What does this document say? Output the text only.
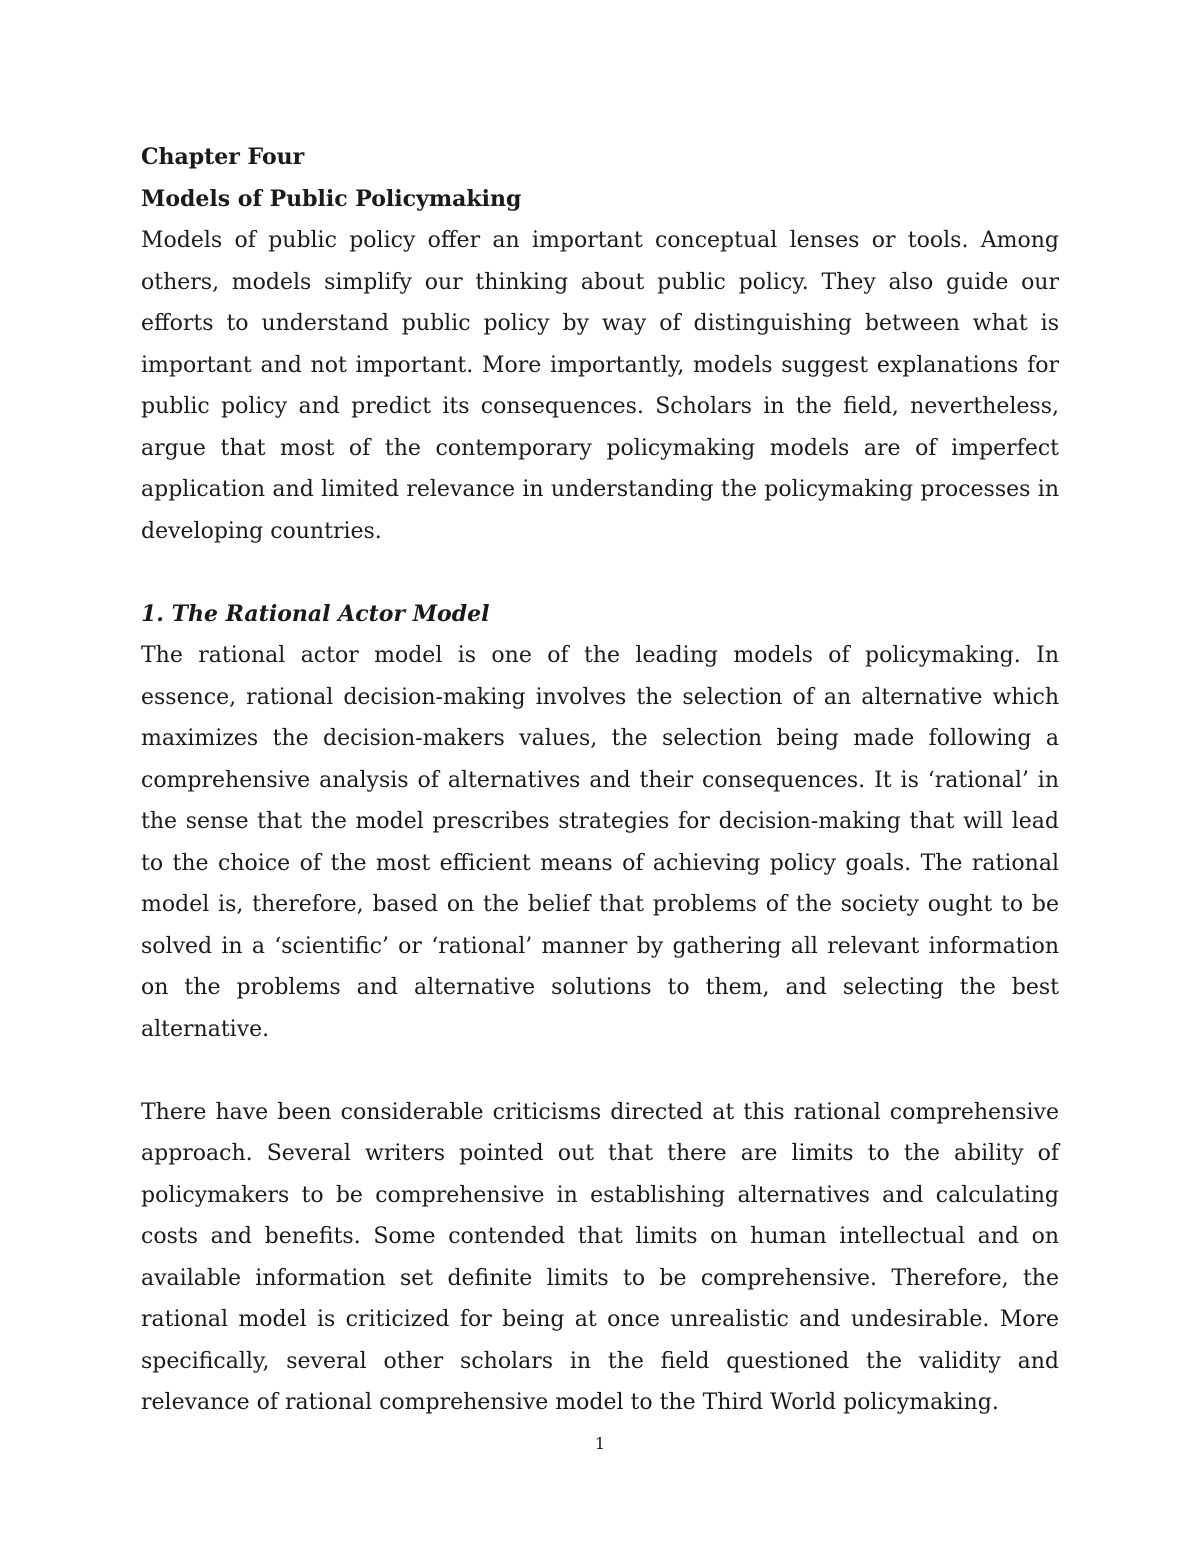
Chapter Four

Models of Public Policymaking

Models of public policy offer an important conceptual lenses or tools. Among others, models simplify our thinking about public policy. They also guide our efforts to understand public policy by way of distinguishing between what is important and not important. More importantly, models suggest explanations for public policy and predict its consequences. Scholars in the field, nevertheless, argue that most of the contemporary policymaking models are of imperfect application and limited relevance in understanding the policymaking processes in developing countries.

1. The Rational Actor Model

The rational actor model is one of the leading models of policymaking. In essence, rational decision-making involves the selection of an alternative which maximizes the decision-makers values, the selection being made following a comprehensive analysis of alternatives and their consequences. It is ‘rational’ in the sense that the model prescribes strategies for decision-making that will lead to the choice of the most efficient means of achieving policy goals. The rational model is, therefore, based on the belief that problems of the society ought to be solved in a ‘scientific’ or ‘rational’ manner by gathering all relevant information on the problems and alternative solutions to them, and selecting the best alternative.

There have been considerable criticisms directed at this rational comprehensive approach. Several writers pointed out that there are limits to the ability of policymakers to be comprehensive in establishing alternatives and calculating costs and benefits. Some contended that limits on human intellectual and on available information set definite limits to be comprehensive. Therefore, the rational model is criticized for being at once unrealistic and undesirable. More specifically, several other scholars in the field questioned the validity and relevance of rational comprehensive model to the Third World policymaking.

1
